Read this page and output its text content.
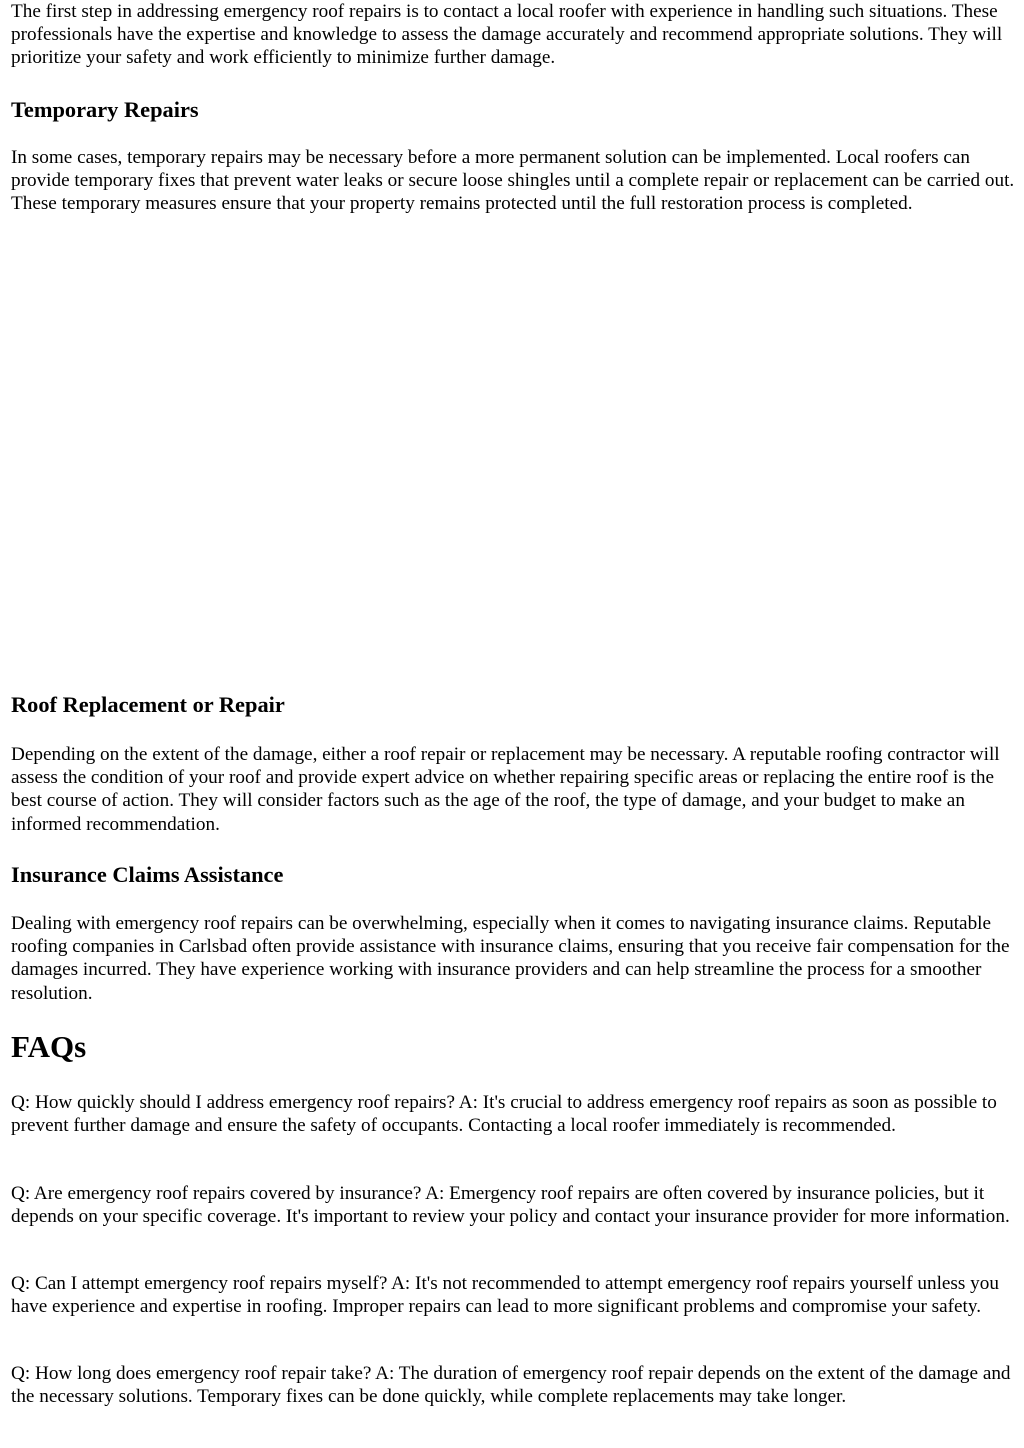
The first step in addressing emergency roof repairs is to contact a local roofer with experience in handling such situations. These professionals have the expertise and knowledge to assess the damage accurately and recommend appropriate solutions. They will prioritize your safety and work efficiently to minimize further damage.

Temporary Repairs

In some cases, temporary repairs may be necessary before a more permanent solution can be implemented. Local roofers can provide temporary fixes that prevent water leaks or secure loose shingles until a complete repair or replacement can be carried out. These temporary measures ensure that your property remains protected until the full restoration process is completed.

Roof Replacement or Repair

Depending on the extent of the damage, either a roof repair or replacement may be necessary. A reputable roofing contractor will assess the condition of your roof and provide expert advice on whether repairing specific areas or replacing the entire roof is the best course of action. They will consider factors such as the age of the roof, the type of damage, and your budget to make an informed recommendation.

Insurance Claims Assistance

Dealing with emergency roof repairs can be overwhelming, especially when it comes to navigating insurance claims. Reputable roofing companies in Carlsbad often provide assistance with insurance claims, ensuring that you receive fair compensation for the damages incurred. They have experience working with insurance providers and can help streamline the process for a smoother resolution.

FAQs

Q: How quickly should I address emergency roof repairs? A: It's crucial to address emergency roof repairs as soon as possible to prevent further damage and ensure the safety of occupants. Contacting a local roofer immediately is recommended.

Q: Are emergency roof repairs covered by insurance? A: Emergency roof repairs are often covered by insurance policies, but it depends on your specific coverage. It's important to review your policy and contact your insurance provider for more information.

Q: Can I attempt emergency roof repairs myself? A: It's not recommended to attempt emergency roof repairs yourself unless you have experience and expertise in roofing. Improper repairs can lead to more significant problems and compromise your safety.

Q: How long does emergency roof repair take? A: The duration of emergency roof repair depends on the extent of the damage and the necessary solutions. Temporary fixes can be done quickly, while complete replacements may take longer.
